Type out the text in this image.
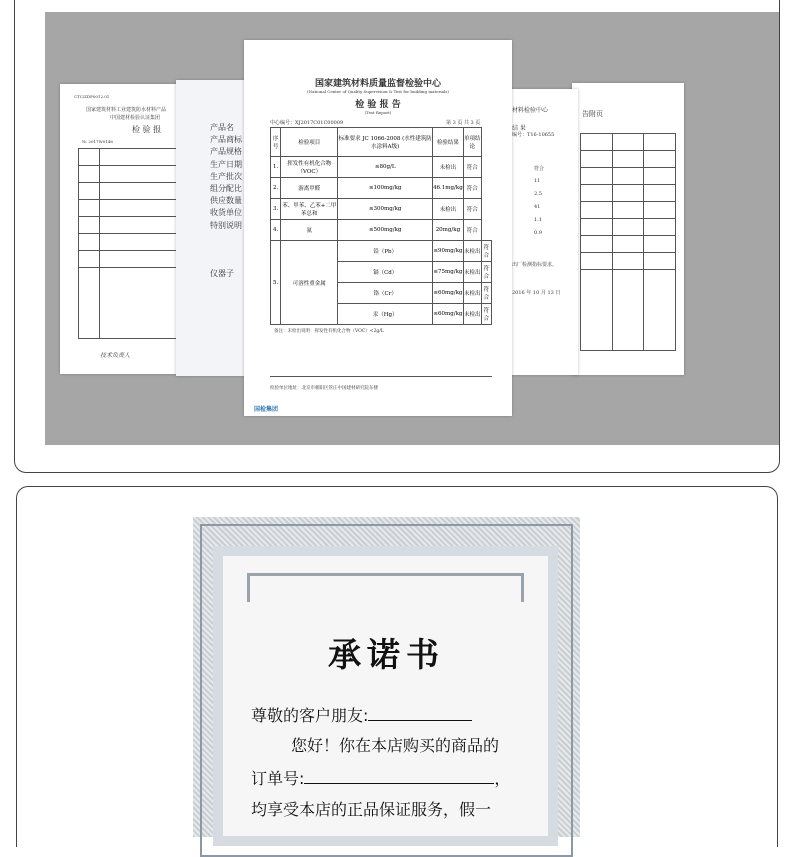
CTC/ZDP0012.01
国家建筑材料工业建筑防水材料产品
中国建材检验认证集团
检 验 报
№: 2017W0146

技术负责人
产品名
产品商标
产品规格
生产日期
生产批次
组分配比
供应数量
收货单位
特别说明
仪器子
告附页

材料检验中心
编号：T16-10655
结 果
符合
11
2.5
41
1.1
0.9
出厂检测指标要求。
2016 年 10 月 13 日
国家建筑材料质量监督检验中心
(National Center of Quality Supervision & Test for building materials)
检 验 报 告
(Test Report)
中心编号：XJ2017C01C00009	第 3 页 共 3 页
序号	检验项目	标准要求 JC 1066-2008 (水性建筑防水涂料A级)	检验结果	单项结论	
1.	挥发性有机化合物（VOC）	≤80g/L	未检出	符合	
2.	游离甲醛	≤100mg/kg	46.1mg/kg	符合	
3.	苯、甲苯、乙苯+二甲苯总和	≤300mg/kg	未检出	符合	
4.	氨	≤500mg/kg	20mg/kg	符合	
5.	可溶性重金属	铅（Pb）	≤90mg/kg	未检出	符合
		镉（Cd）	≤75mg/kg	未检出	符合
		铬（Cr）	≤60mg/kg	未检出	符合
		汞（Hg）	≤60mg/kg	未检出	符合
备注：未检出说明：挥发性有机化合物（VOC）<2g/L
检验单位地址：北京市朝阳区管庄中国建材研究院东楼
国检集团
承诺书
尊敬的客户朋友:
您好！你在本店购买的商品的
订单号:	，
均享受本店的正品保证服务，假一
